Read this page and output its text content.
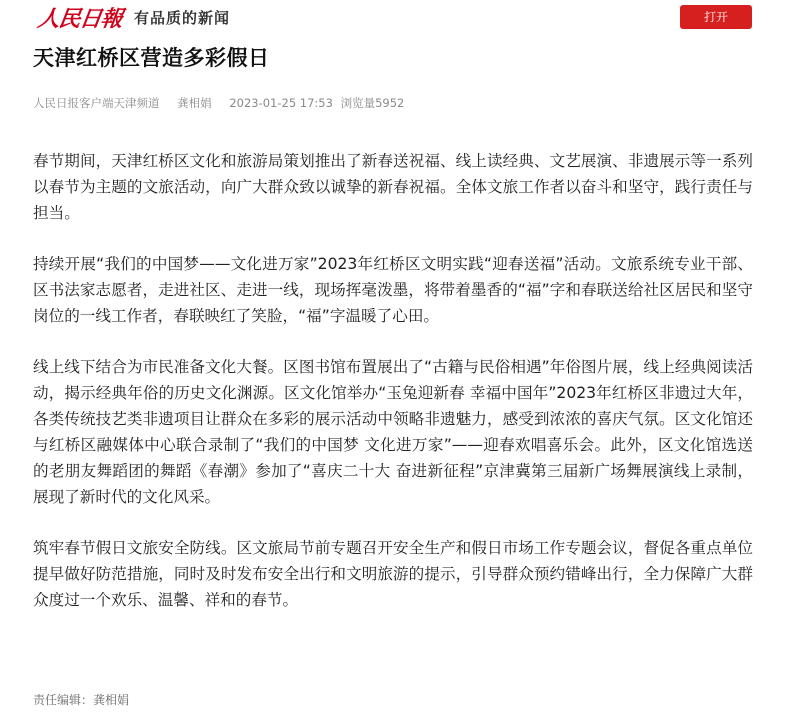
人民日報 有品质的新闻	打开
天津红桥区营造多彩假日
人民日报客户端天津频道 龚相娟 2023-01-25 17:53 浏览量5952

春节期间，天津红桥区文化和旅游局策划推出了新春送祝福、线上读经典、文艺展演、非遗展示等一系列以春节为主题的文旅活动，向广大群众致以诚挚的新春祝福。全体文旅工作者以奋斗和坚守，践行责任与担当。

持续开展“我们的中国梦——文化进万家”2023年红桥区文明实践“迎春送福”活动。文旅系统专业干部、区书法家志愿者，走进社区、走进一线，现场挥毫泼墨，将带着墨香的“福”字和春联送给社区居民和坚守岗位的一线工作者，春联映红了笑脸，“福”字温暖了心田。

线上线下结合为市民准备文化大餐。区图书馆布置展出了“古籍与民俗相遇”年俗图片展，线上经典阅读活动，揭示经典年俗的历史文化渊源。区文化馆举办“玉兔迎新春 幸福中国年”2023年红桥区非遗过大年，各类传统技艺类非遗项目让群众在多彩的展示活动中领略非遗魅力，感受到浓浓的喜庆气氛。区文化馆还与红桥区融媒体中心联合录制了“我们的中国梦 文化进万家”——迎春欢唱喜乐会。此外，区文化馆选送的老朋友舞蹈团的舞蹈《春潮》参加了“喜庆二十大 奋进新征程”京津冀第三届新广场舞展演线上录制，展现了新时代的文化风采。

筑牢春节假日文旅安全防线。区文旅局节前专题召开安全生产和假日市场工作专题会议，督促各重点单位提早做好防范措施，同时及时发布安全出行和文明旅游的提示，引导群众预约错峰出行，全力保障广大群众度过一个欢乐、温馨、祥和的春节。

责任编辑：龚相娟
